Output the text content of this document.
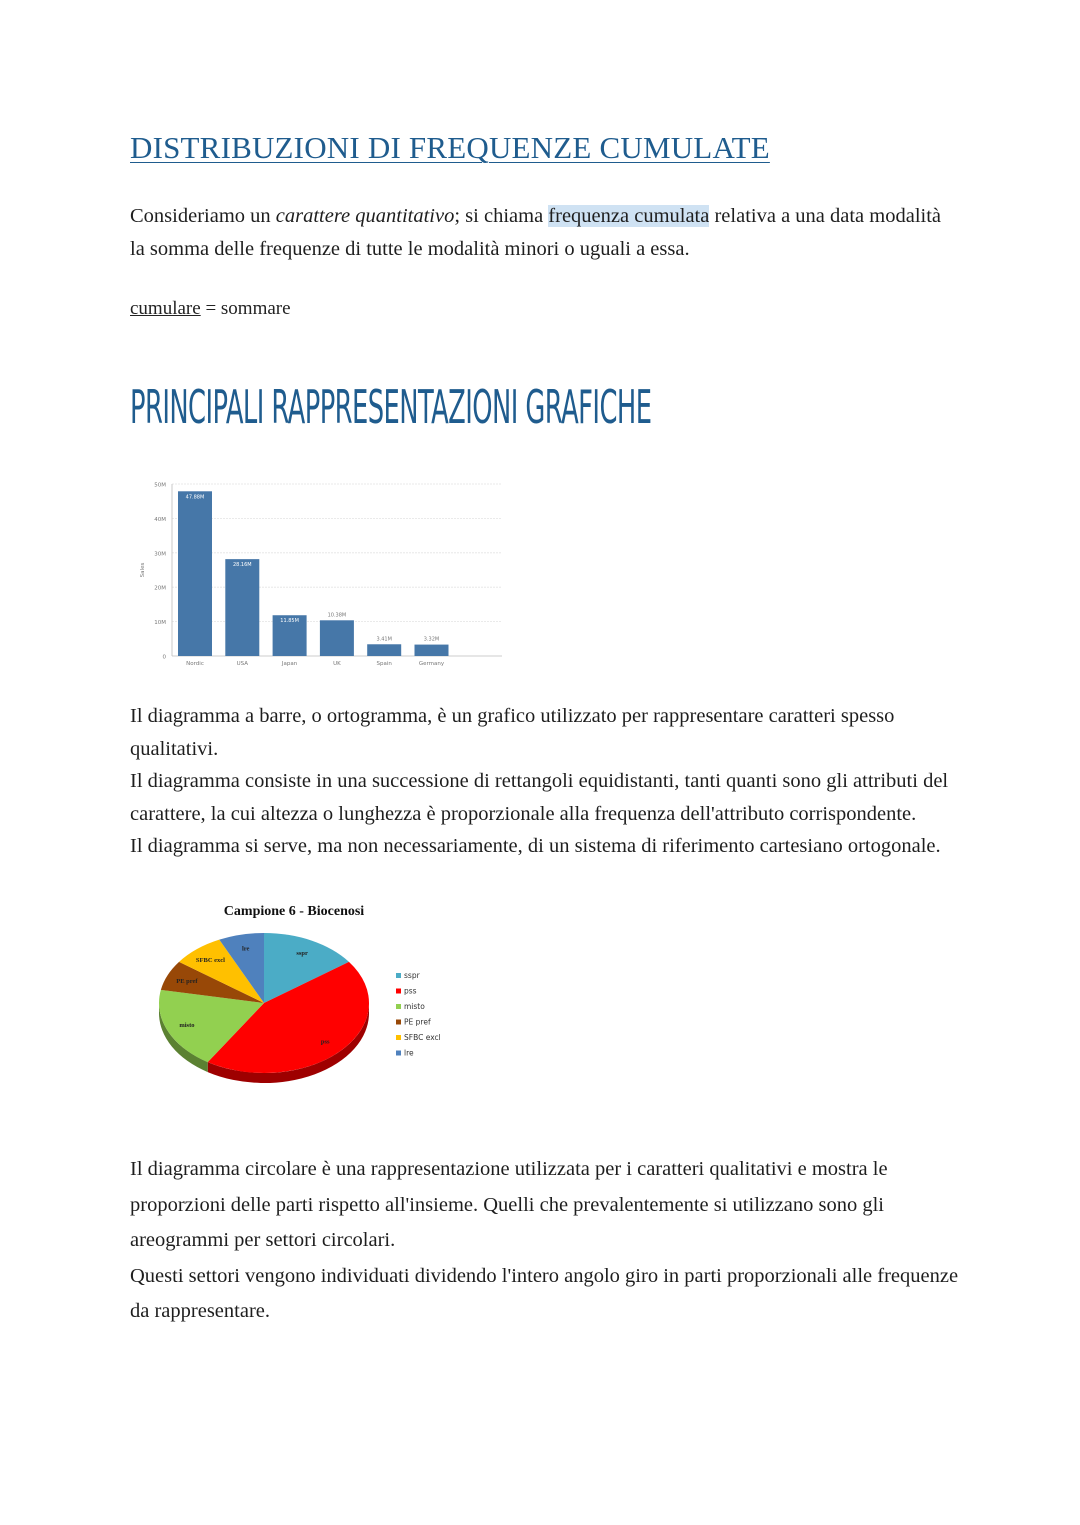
DISTRIBUZIONI DI FREQUENZE CUMULATE

Consideriamo un carattere quantitativo; si chiama frequenza cumulata relativa a una data modalità la somma delle frequenze di tutte le modalità minori o uguali a essa.

cumulare = sommare
PRINCIPALI RAPPRESENTAZIONI GRAFICHE
0
10M
20M
30M
40M
50M
Sales
47.88M
Nordic
28.16M
USA
11.85M
Japan
10.38M
UK
3.41M
Spain
3.32M
Germany

Il diagramma a barre, o ortogramma, è un grafico utilizzato per rappresentare caratteri spesso qualitativi.

Il diagramma consiste in una successione di rettangoli equidistanti, tanti quanti sono gli attributi del carattere, la cui altezza o lunghezza è proporzionale alla frequenza dell'attributo corrispondente.

Il diagramma si serve, ma non necessariamente, di un sistema di riferimento cartesiano ortogonale.

Campione 6 - Biocenosi
sspr
pss
misto
PE pref
SFBC excl
lre
sspr
pss
misto
PE pref
SFBC excl
lre

Il diagramma circolare è una rappresentazione utilizzata per i caratteri qualitativi e mostra le proporzioni delle parti rispetto all'insieme. Quelli che prevalentemente si utilizzano sono gli areogrammi per settori circolari.

Questi settori vengono individuati dividendo l'intero angolo giro in parti proporzionali alle frequenze da rappresentare.
